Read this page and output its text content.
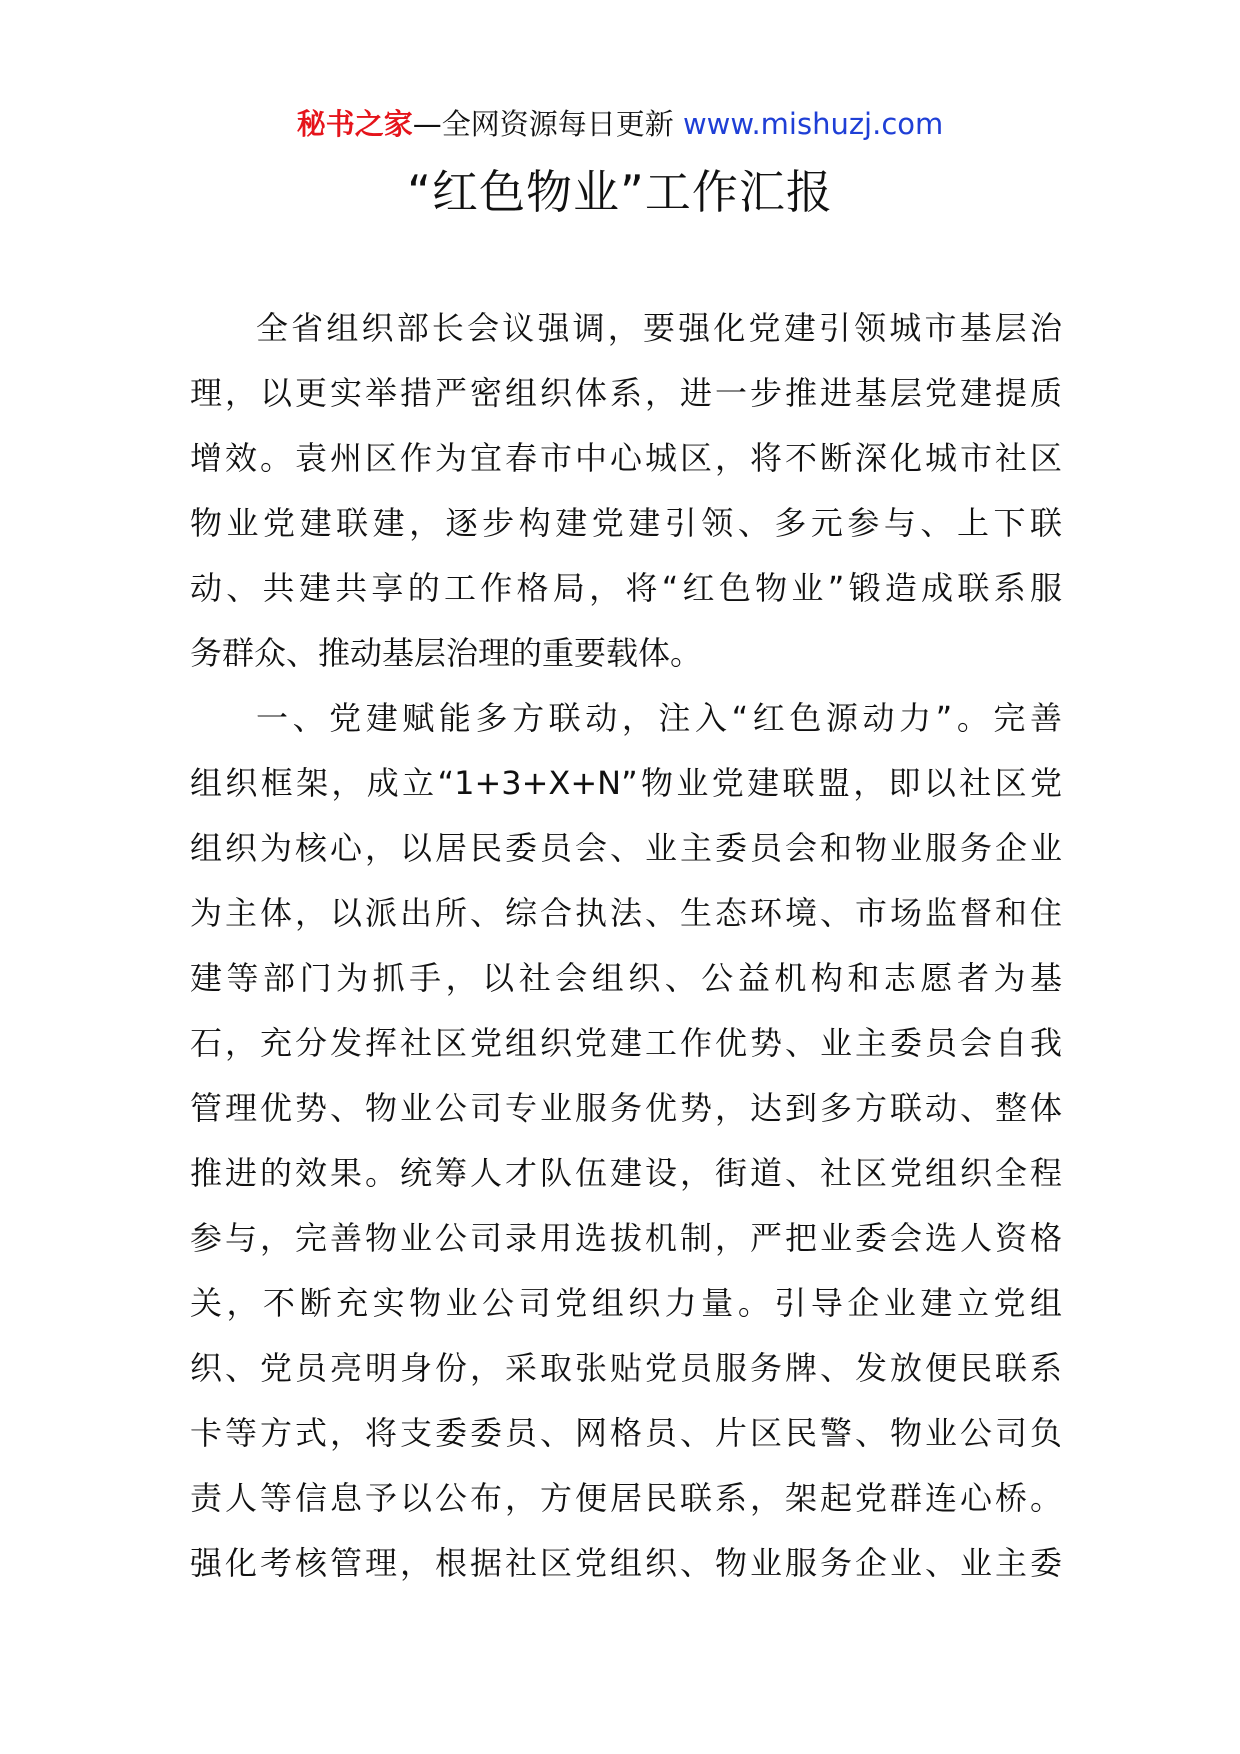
秘书之家—全网资源每日更新 www.mishuzj.com
“红色物业”工作汇报
全省组织部长会议强调，要强化党建引领城市基层治
理，以更实举措严密组织体系，进一步推进基层党建提质
增效。袁州区作为宜春市中心城区，将不断深化城市社区
物业党建联建，逐步构建党建引领、多元参与、上下联
动、共建共享的工作格局，将“红色物业”锻造成联系服
务群众、推动基层治理的重要载体。
一、党建赋能多方联动，注入“红色源动力”。完善
组织框架，成立“1+3+X+N”物业党建联盟，即以社区党
组织为核心，以居民委员会、业主委员会和物业服务企业
为主体，以派出所、综合执法、生态环境、市场监督和住
建等部门为抓手，以社会组织、公益机构和志愿者为基
石，充分发挥社区党组织党建工作优势、业主委员会自我
管理优势、物业公司专业服务优势，达到多方联动、整体
推进的效果。统筹人才队伍建设，街道、社区党组织全程
参与，完善物业公司录用选拔机制，严把业委会选人资格
关，不断充实物业公司党组织力量。引导企业建立党组
织、党员亮明身份，采取张贴党员服务牌、发放便民联系
卡等方式，将支委委员、网格员、片区民警、物业公司负
责人等信息予以公布，方便居民联系，架起党群连心桥。
强化考核管理，根据社区党组织、物业服务企业、业主委
